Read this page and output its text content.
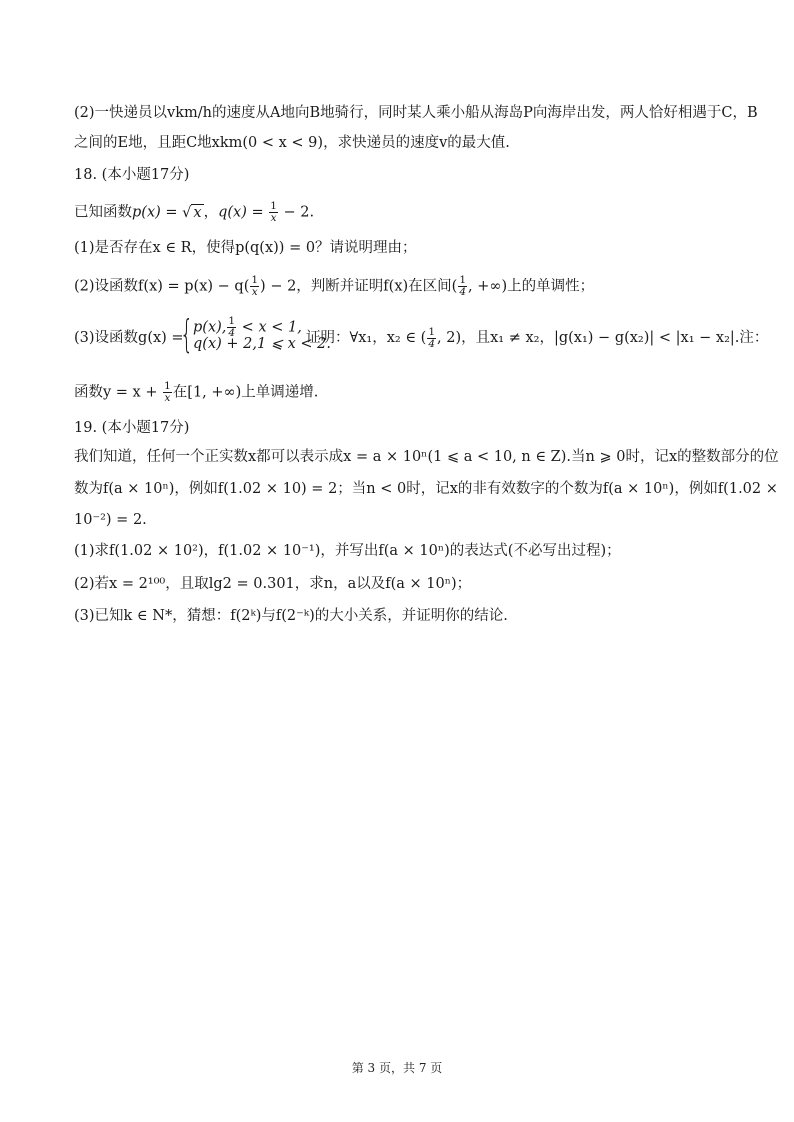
(2)一快递员以vkm/h的速度从A地向B地骑行，同时某人乘小船从海岛P向海岸出发，两人恰好相遇于C，B
之间的E地，且距C地xkm(0 < x < 9)，求快递员的速度v的最大值.
18. (本小题17分)
已知函数p(x) = √ x ，$q(x) = \frac{1}{x} - 2$.
(1)是否存在x ∈ R，使得p(q(x)) = 0？请说明理由；
(2)设函数$f(x) = p(x) - q( \frac{1}{x}$ ) − 2，判断并证明f(x)在区间( $\frac{1}{4}$ , +∞)上的单调性；
(3)设函数g(x) =
{ p(x), $\frac{1}{4} < x < 1$,
q(x) + 2,1 ⩽ x < 2.
证明：∀x₁，x₂ ∈ ( $\frac{1}{4}$ , 2)，且x₁ ≠ x₂，|g(x₁) − g(x₂)| < |x₁ − x₂|.注：
函数$y = x + \frac{1}{x}$ 在[1, +∞)上单调递增.
19. (本小题17分)
我们知道，任何一个正实数x都可以表示成x = a × 10ⁿ(1 ⩽ a < 10, n ∈ Z).当n ⩾ 0时，记x的整数部分的位
数为f(a × 10ⁿ)，例如f(1.02 × 10) = 2；当n < 0时，记x的非有效数字的个数为f(a × 10ⁿ)，例如f(1.02 ×
10⁻²) = 2.
(1)求f(1.02 × 10²)，f(1.02 × 10⁻¹)，并写出f(a × 10ⁿ)的表达式(不必写出过程)；
(2)若x = 2¹⁰⁰，且取lg2 = 0.301，求n，a以及f(a × 10ⁿ)；
(3)已知k ∈ N*，猜想：f(2ᵏ)与f(2⁻ᵏ)的大小关系，并证明你的结论.
第 3 页，共 7 页
